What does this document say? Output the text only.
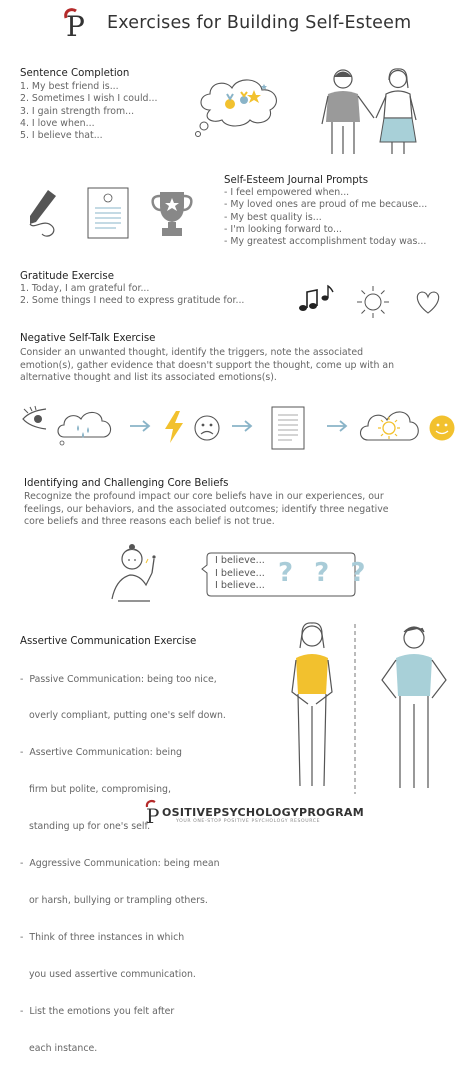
P Exercises for Building Self-Esteem
Sentence Completion
1. My best friend is...
2. Sometimes I wish I could...
3. I gain strength from...
4. I love when...
5. I believe that...
Self-Esteem Journal Prompts
- I feel empowered when...
- My loved ones are proud of me because...
- My best quality is...
- I'm looking forward to...
- My greatest accomplishment today was...
Gratitude Exercise
1. Today, I am grateful for...
2. Some things I need to express gratitude for...
Negative Self-Talk Exercise
Consider an unwanted thought, identify the triggers, note the associated
emotion(s), gather evidence that doesn't support the thought, come up with an
alternative thought and list its associated emotions(s).
Identifying and Challenging Core Beliefs
Recognize the profound impact our core beliefs have in our experiences, our
feelings, our behaviors, and the associated outcomes; identify three negative
core beliefs and three reasons each belief is not true.
I believe...
I believe...
I believe... ? ? ?
Assertive Communication Exercise

-  Passive Communication: being too nice,

overly compliant, putting one's self down.

-  Assertive Communication: being

firm but polite, compromising,

standing up for one's self.

-  Aggressive Communication: being mean

or harsh, bullying or trampling others.

-  Think of three instances in which

you used assertive communication.

-  List the emotions you felt after

each instance.

P OSITIVEPSYCHOLOGYPROGRAM
YOUR ONE-STOP POSITIVE PSYCHOLOGY RESOURCE
